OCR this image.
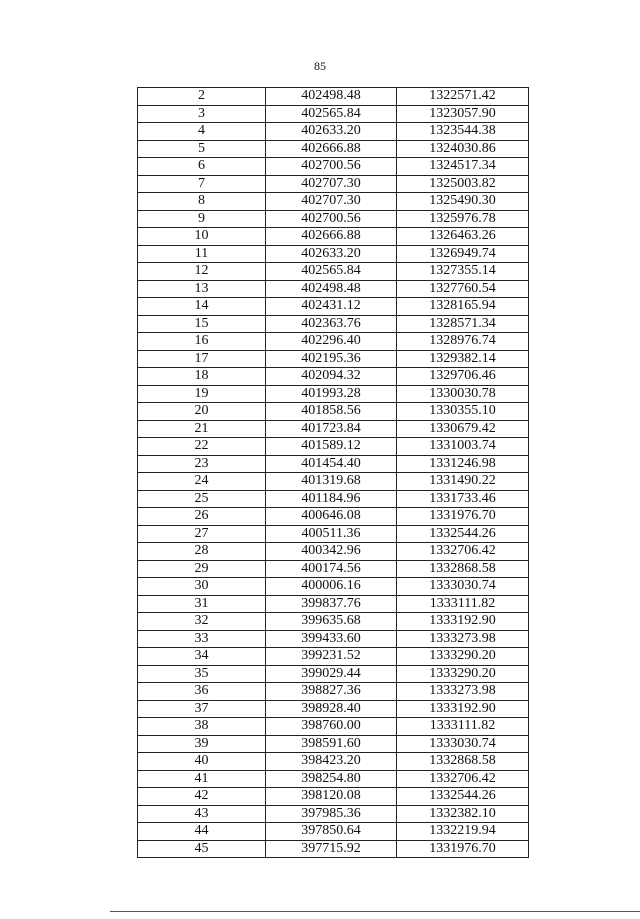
85
2	402498.48	1322571.42
3	402565.84	1323057.90
4	402633.20	1323544.38
5	402666.88	1324030.86
6	402700.56	1324517.34
7	402707.30	1325003.82
8	402707.30	1325490.30
9	402700.56	1325976.78
10	402666.88	1326463.26
11	402633.20	1326949.74
12	402565.84	1327355.14
13	402498.48	1327760.54
14	402431.12	1328165.94
15	402363.76	1328571.34
16	402296.40	1328976.74
17	402195.36	1329382.14
18	402094.32	1329706.46
19	401993.28	1330030.78
20	401858.56	1330355.10
21	401723.84	1330679.42
22	401589.12	1331003.74
23	401454.40	1331246.98
24	401319.68	1331490.22
25	401184.96	1331733.46
26	400646.08	1331976.70
27	400511.36	1332544.26
28	400342.96	1332706.42
29	400174.56	1332868.58
30	400006.16	1333030.74
31	399837.76	1333111.82
32	399635.68	1333192.90
33	399433.60	1333273.98
34	399231.52	1333290.20
35	399029.44	1333290.20
36	398827.36	1333273.98
37	398928.40	1333192.90
38	398760.00	1333111.82
39	398591.60	1333030.74
40	398423.20	1332868.58
41	398254.80	1332706.42
42	398120.08	1332544.26
43	397985.36	1332382.10
44	397850.64	1332219.94
45	397715.92	1331976.70
